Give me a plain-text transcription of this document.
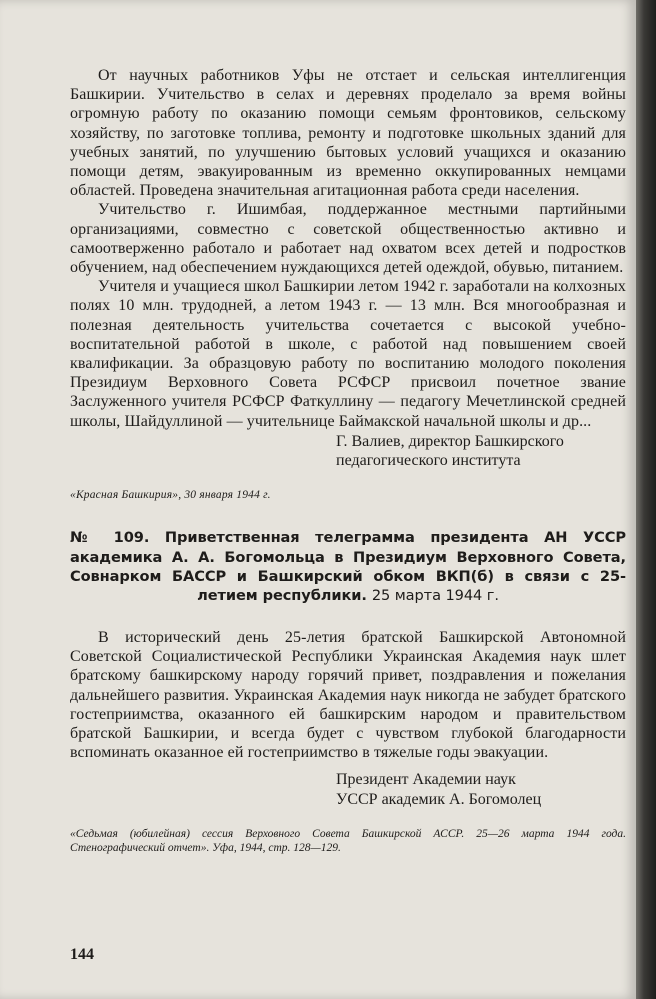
От научных работников Уфы не отстает и сельская интеллигенция Башкирии. Учительство в селах и деревнях проделало за время войны огромную работу по оказанию помощи семьям фронтовиков, сельскому хозяйству, по заготовке топлива, ремонту и подготовке школьных зданий для учебных занятий, по улучшению бытовых условий учащихся и оказанию помощи детям, эвакуированным из временно оккупированных немцами областей. Проведена значительная агитационная работа среди населения.

Учительство г. Ишимбая, поддержанное местными партийными организациями, совместно с советской общественностью активно и самоотверженно работало и работает над охватом всех детей и подростков обучением, над обеспечением нуждающихся детей одеждой, обувью, питанием.

Учителя и учащиеся школ Башкирии летом 1942 г. заработали на колхозных полях 10 млн. трудодней, а летом 1943 г. — 13 млн. Вся многообразная и полезная деятельность учительства сочетается с высокой учебно-воспитательной работой в школе, с работой над повышением своей квалификации. За образцовую работу по воспитанию молодого поколения Президиум Верховного Совета РСФСР присвоил почетное звание Заслуженного учителя РСФСР Фаткуллину — педагогу Мечетлинской средней школы, Шайдуллиной — учительнице Баймакской начальной школы и др...

Г. Валиев, директор Башкирского
педагогического института
«Красная Башкирия», 30 января 1944 г.
№ 109. Приветственная телеграмма президента АН УССР академика А. А. Богомольца в Президиум Верховного Совета, Совнарком БАССР и Башкирский обком ВКП(б) в связи с 25-летием республики. 25 марта 1944 г.

В исторический день 25-летия братской Башкирской Автономной Советской Социалистической Республики Украинская Академия наук шлет братскому башкирскому народу горячий привет, поздравления и пожелания дальнейшего развития. Украинская Академия наук никогда не забудет братского гостеприимства, оказанного ей башкирским народом и правительством братской Башкирии, и всегда будет с чувством глубокой благодарности вспоминать оказанное ей гостеприимство в тяжелые годы эвакуации.

Президент Академии наук
УССР академик А. Богомолец
«Седьмая (юбилейная) сессия Верховного Совета Башкирской АССР. 25—26 марта 1944 года. Стенографический отчет». Уфа, 1944, стр. 128—129.
144
